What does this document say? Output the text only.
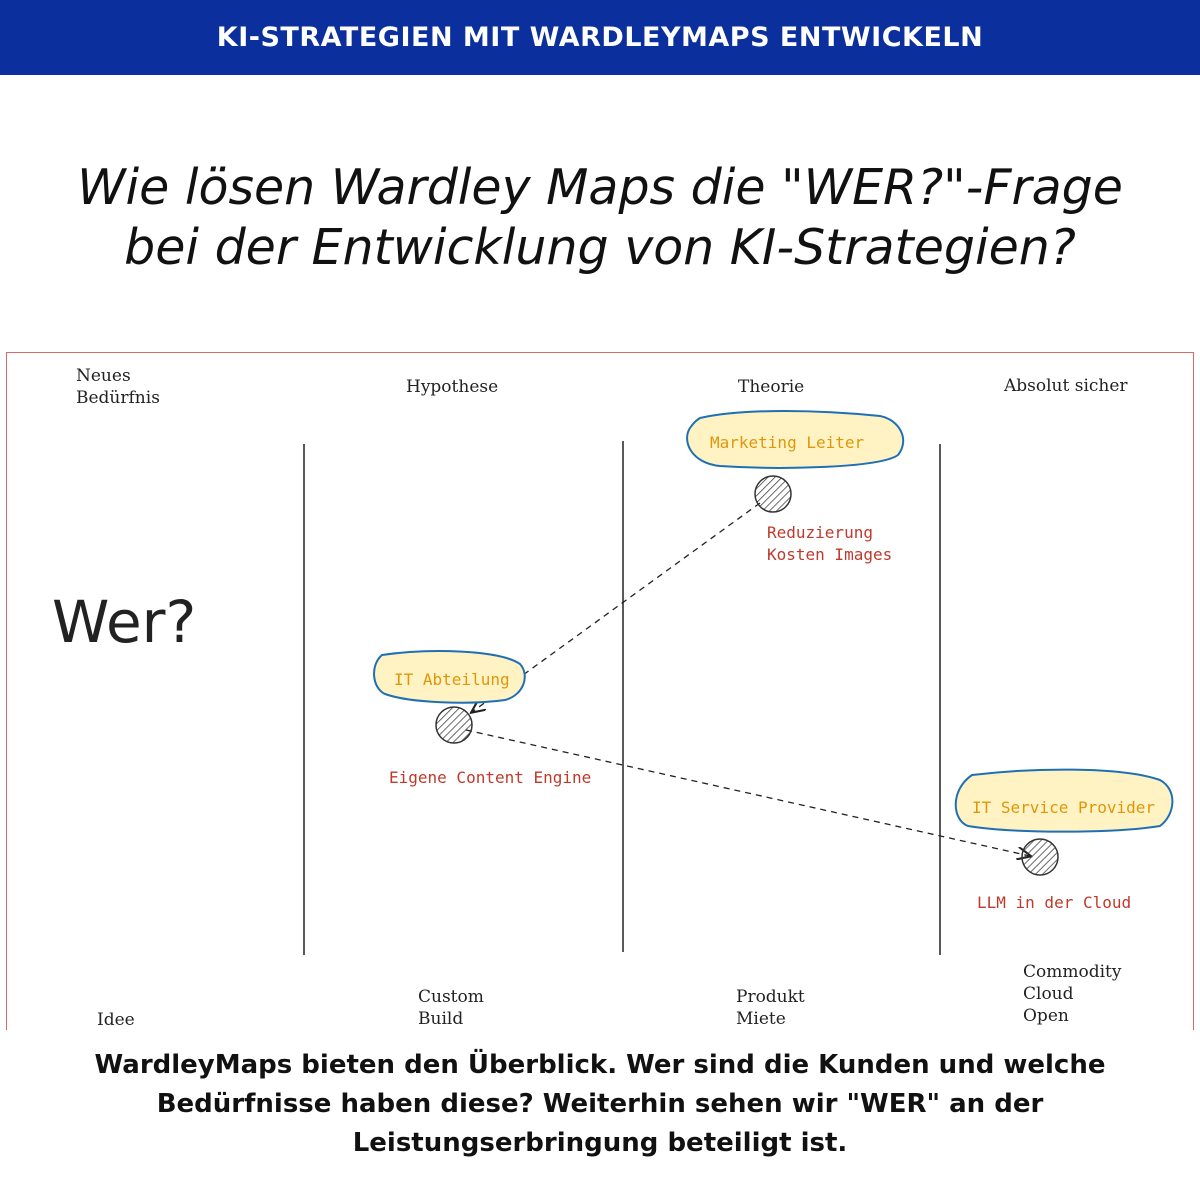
KI-STRATEGIEN MIT WARDLEYMAPS ENTWICKELN
Wie lösen Wardley Maps die "WER?"-Frage
bei der Entwicklung von KI-Strategien?
Neues
Bedürfnis
Hypothese	Theorie	Absolut sicher
Wer?
Marketing Leiter
IT Abteilung
IT Service Provider
Reduzierung
Kosten Images
Eigene Content Engine
LLM in der Cloud
Idee
Custom
Build
Produkt
Miete
Commodity
Cloud
Open
WardleyMaps bieten den Überblick. Wer sind die Kunden und welche
Bedürfnisse haben diese? Weiterhin sehen wir "WER" an der
Leistungserbringung beteiligt ist.
